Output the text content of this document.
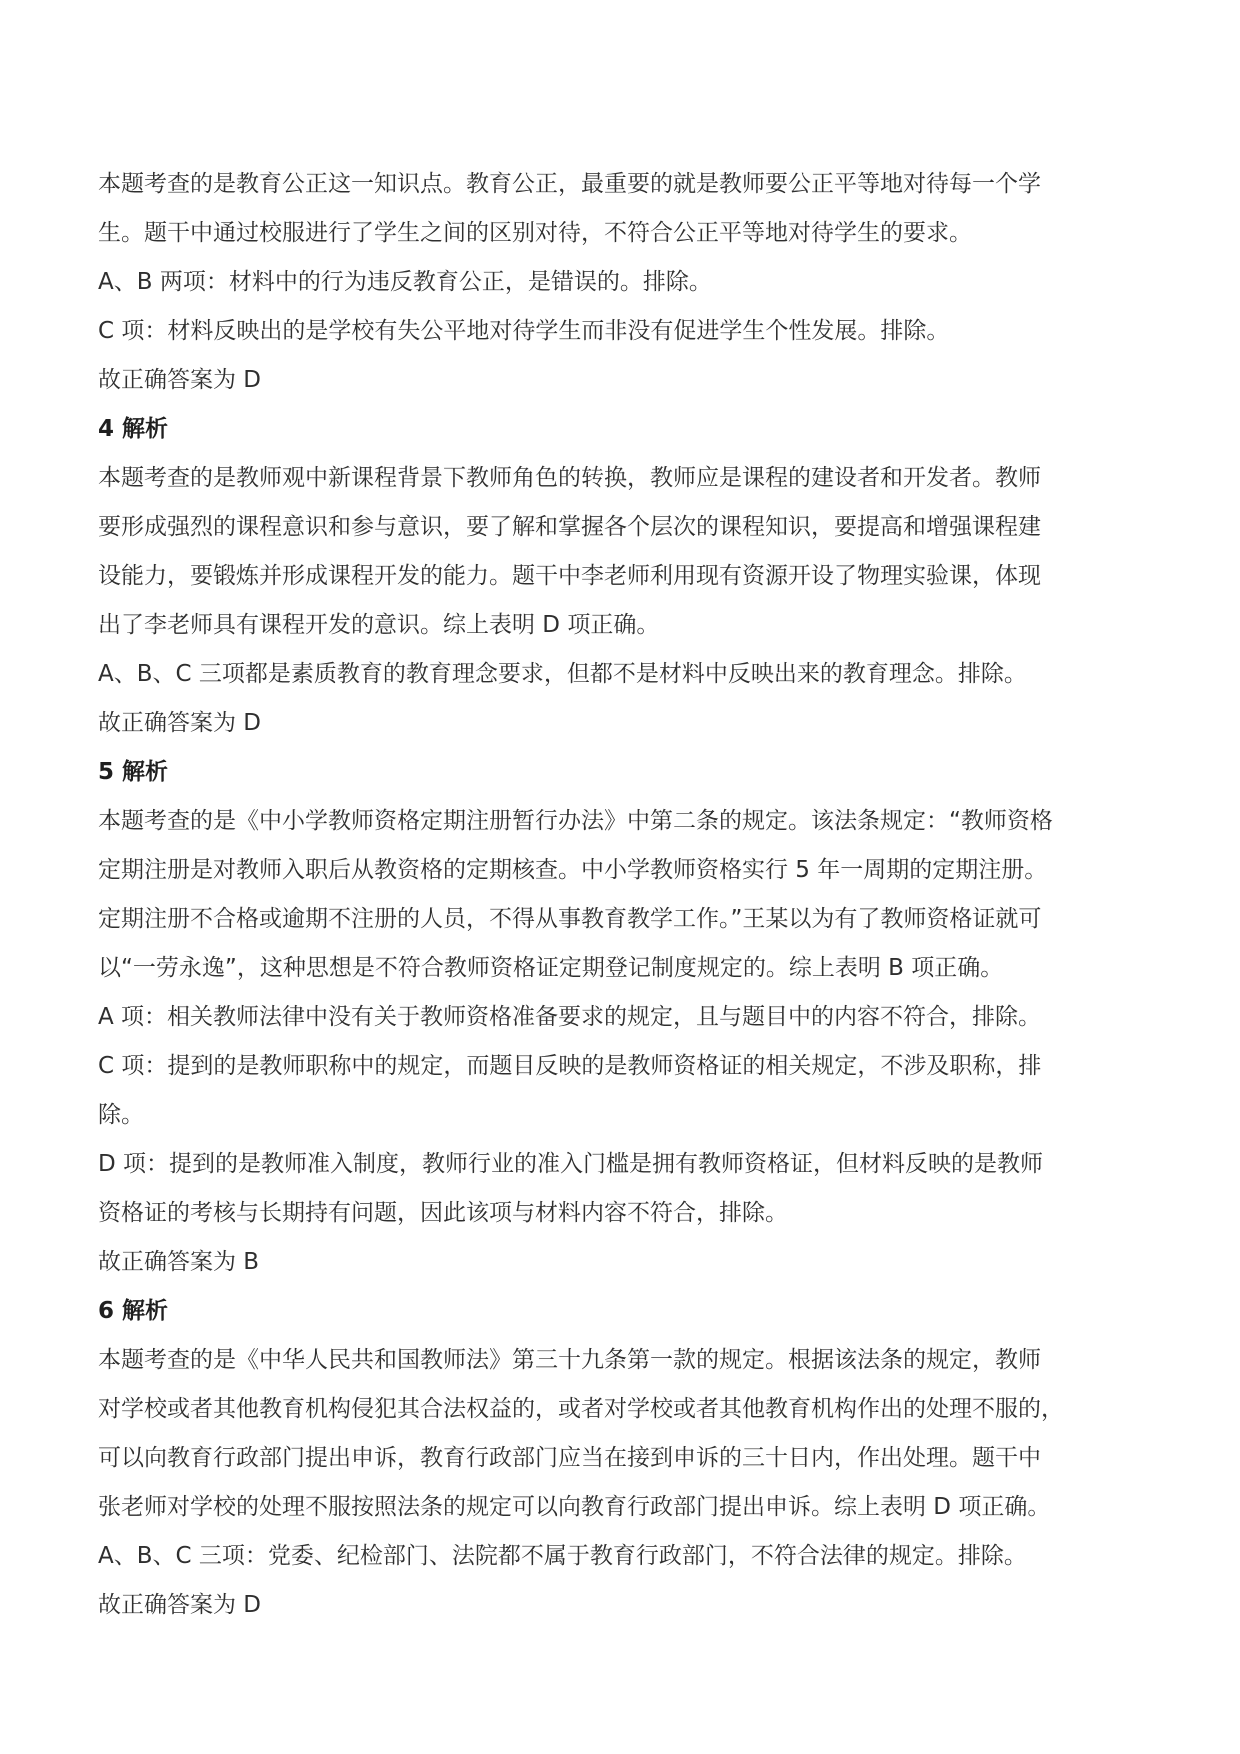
本题考查的是教育公正这一知识点。教育公正，最重要的就是教师要公正平等地对待每一个学
生。题干中通过校服进行了学生之间的区别对待，不符合公正平等地对待学生的要求。
A、B 两项：材料中的行为违反教育公正，是错误的。排除。
C 项：材料反映出的是学校有失公平地对待学生而非没有促进学生个性发展。排除。
故正确答案为 D
4 解析
本题考查的是教师观中新课程背景下教师角色的转换，教师应是课程的建设者和开发者。教师
要形成强烈的课程意识和参与意识，要了解和掌握各个层次的课程知识，要提高和增强课程建
设能力，要锻炼并形成课程开发的能力。题干中李老师利用现有资源开设了物理实验课，体现
出了李老师具有课程开发的意识。综上表明 D 项正确。
A、B、C 三项都是素质教育的教育理念要求，但都不是材料中反映出来的教育理念。排除。
故正确答案为 D
5 解析
本题考查的是《中小学教师资格定期注册暂行办法》中第二条的规定。该法条规定：“教师资格
定期注册是对教师入职后从教资格的定期核查。中小学教师资格实行 5 年一周期的定期注册。
定期注册不合格或逾期不注册的人员，不得从事教育教学工作。”王某以为有了教师资格证就可
以“一劳永逸”，这种思想是不符合教师资格证定期登记制度规定的。综上表明 B 项正确。
A 项：相关教师法律中没有关于教师资格准备要求的规定，且与题目中的内容不符合，排除。
C 项：提到的是教师职称中的规定，而题目反映的是教师资格证的相关规定，不涉及职称，排
除。
D 项：提到的是教师准入制度，教师行业的准入门槛是拥有教师资格证，但材料反映的是教师
资格证的考核与长期持有问题，因此该项与材料内容不符合，排除。
故正确答案为 B
6 解析
本题考查的是《中华人民共和国教师法》第三十九条第一款的规定。根据该法条的规定，教师
对学校或者其他教育机构侵犯其合法权益的，或者对学校或者其他教育机构作出的处理不服的，
可以向教育行政部门提出申诉，教育行政部门应当在接到申诉的三十日内，作出处理。题干中
张老师对学校的处理不服按照法条的规定可以向教育行政部门提出申诉。综上表明 D 项正确。
A、B、C 三项：党委、纪检部门、法院都不属于教育行政部门，不符合法律的规定。排除。
故正确答案为 D
